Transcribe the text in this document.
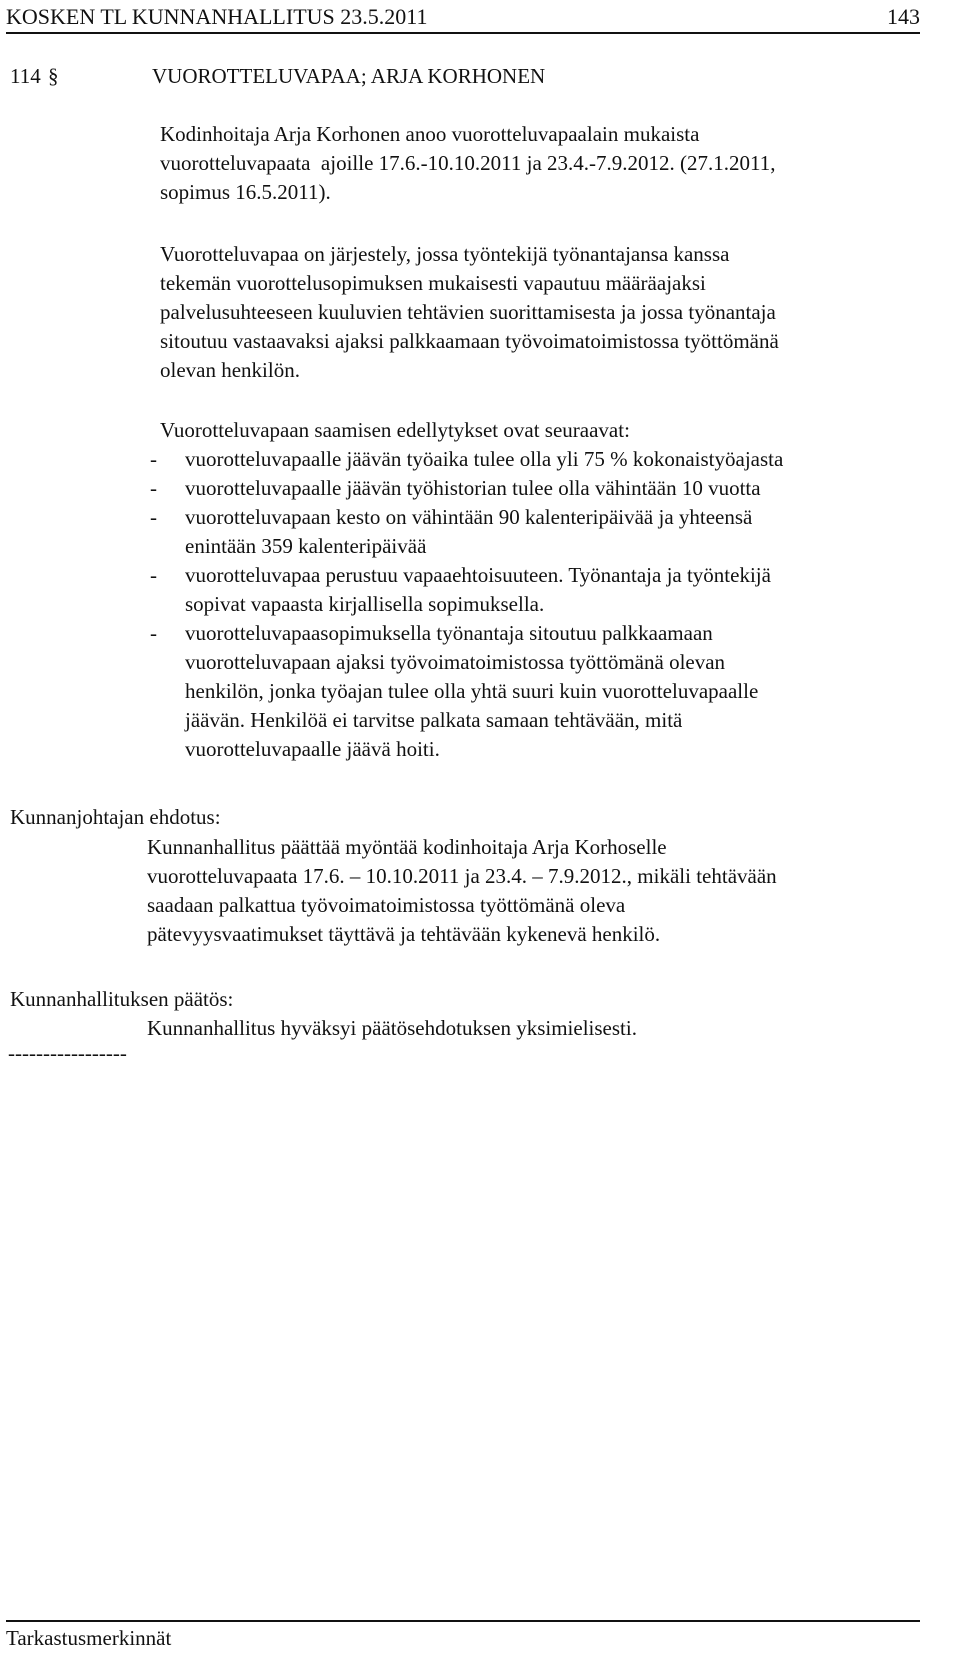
KOSKEN TL KUNNANHALLITUS 23.5.2011	143
114 §	VUOROTTELUVAPAA; ARJA KORHONEN

Kodinhoitaja Arja Korhonen anoo vuorotteluvapaalain mukaista

vuorotteluvapaata  ajoille 17.6.-10.10.2011 ja 23.4.-7.9.2012. (27.1.2011,

sopimus 16.5.2011).

Vuorotteluvapaa on järjestely, jossa työntekijä työnantajansa kanssa

tekemän vuorottelusopimuksen mukaisesti vapautuu määräajaksi

palvelusuhteeseen kuuluvien tehtävien suorittamisesta ja jossa työnantaja

sitoutuu vastaavaksi ajaksi palkkaamaan työvoimatoimistossa työttömänä

olevan henkilön.

Vuorotteluvapaan saamisen edellytykset ovat seuraavat:

- vuorotteluvapaalle jäävän työaika tulee olla yli 75 % kokonaistyöajasta
- vuorotteluvapaalle jäävän työhistorian tulee olla vähintään 10 vuotta
- vuorotteluvapaan kesto on vähintään 90 kalenteripäivää ja yhteensä
enintään 359 kalenteripäivää
- vuorotteluvapaa perustuu vapaaehtoisuuteen. Työnantaja ja työntekijä
sopivat vapaasta kirjallisella sopimuksella.
- vuorotteluvapaasopimuksella työnantaja sitoutuu palkkaamaan
vuorotteluvapaan ajaksi työvoimatoimistossa työttömänä olevan
henkilön, jonka työajan tulee olla yhtä suuri kuin vuorotteluvapaalle
jäävän. Henkilöä ei tarvitse palkata samaan tehtävään, mitä
vuorotteluvapaalle jäävä hoiti.
Kunnanjohtajan ehdotus:
Kunnanhallitus päättää myöntää kodinhoitaja Arja Korhoselle
vuorotteluvapaata 17.6. – 10.10.2011 ja 23.4. – 7.9.2012., mikäli tehtävään
saadaan palkattua työvoimatoimistossa työttömänä oleva
pätevyysvaatimukset täyttävä ja tehtävään kykenevä henkilö.
Kunnanhallituksen päätös:
Kunnanhallitus hyväksyi päätösehdotuksen yksimielisesti.
-----------------
Tarkastusmerkinnät
